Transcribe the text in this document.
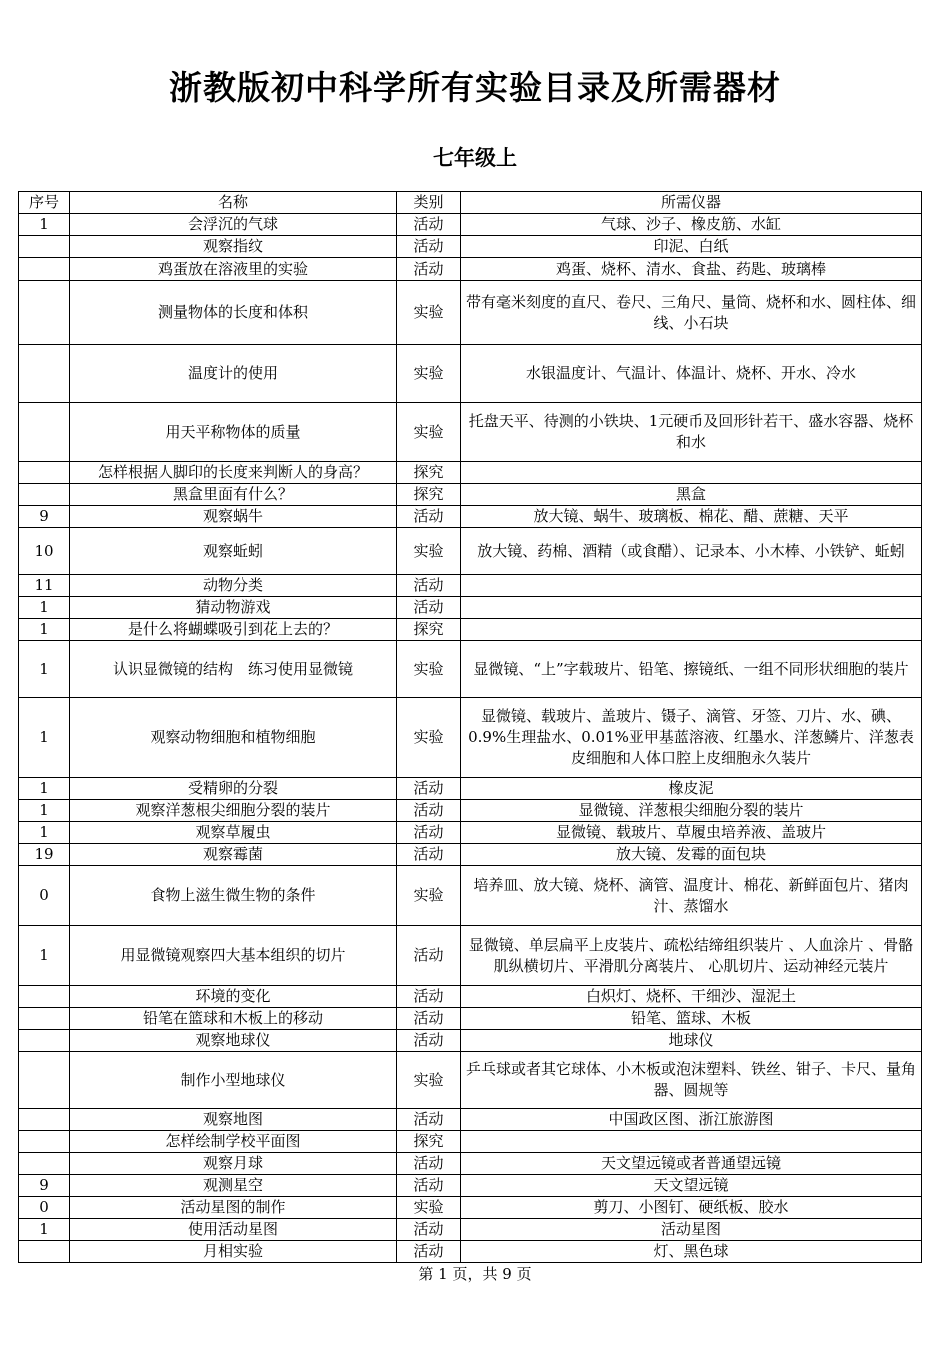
浙教版初中科学所有实验目录及所需器材
七年级上
序号	名称	类别	所需仪器
1	会浮沉的气球	活动	气球、沙子、橡皮筋、水缸
	观察指纹	活动	印泥、白纸
	鸡蛋放在溶液里的实验	活动	鸡蛋、烧杯、清水、食盐、药匙、玻璃棒
	测量物体的长度和体积	实验	带有毫米刻度的直尺、卷尺、三角尺、量筒、烧杯和水、圆柱体、细线、小石块
	温度计的使用	实验	水银温度计、气温计、体温计、烧杯、开水、冷水
	用天平称物体的质量	实验	托盘天平、待测的小铁块、1元硬币及回形针若干、盛水容器、烧杯和水
	怎样根据人脚印的长度来判断人的身高？	探究	
	黑盒里面有什么？	探究	黑盒
9	观察蜗牛	活动	放大镜、蜗牛、玻璃板、棉花、醋、蔗糖、天平
10	观察蚯蚓	实验	放大镜、药棉、酒精（或食醋）、记录本、小木棒、小铁铲、蚯蚓
11	动物分类	活动	
1	猜动物游戏	活动	
1	是什么将蝴蝶吸引到花上去的？	探究	
1	认识显微镜的结构　练习使用显微镜	实验	显微镜、“上”字载玻片、铅笔、擦镜纸、一组不同形状细胞的装片
1	观察动物细胞和植物细胞	实验	显微镜、载玻片、盖玻片、镊子、滴管、牙签、刀片、水、碘、0.9%生理盐水、0.01%亚甲基蓝溶液、红墨水、洋葱鳞片、洋葱表皮细胞和人体口腔上皮细胞永久装片
1	受精卵的分裂	活动	橡皮泥
1	观察洋葱根尖细胞分裂的装片	活动	显微镜、洋葱根尖细胞分裂的装片
1	观察草履虫	活动	显微镜、载玻片、草履虫培养液、盖玻片
19	观察霉菌	活动	放大镜、发霉的面包块
0	食物上滋生微生物的条件	实验	培养皿、放大镜、烧杯、滴管、温度计、棉花、新鲜面包片、猪肉汁、蒸馏水
1	用显微镜观察四大基本组织的切片	活动	显微镜、单层扁平上皮装片、疏松结缔组织装片 、人血涂片 、骨骼肌纵横切片、平滑肌分离装片、 心肌切片、运动神经元装片
	环境的变化	活动	白炽灯、烧杯、干细沙、湿泥土
	铅笔在篮球和木板上的移动	活动	铅笔、篮球、木板
	观察地球仪	活动	地球仪
	制作小型地球仪	实验	乒乓球或者其它球体、小木板或泡沫塑料、铁丝、钳子、卡尺、量角器、圆规等
	观察地图	活动	中国政区图、浙江旅游图
	怎样绘制学校平面图	探究	
	观察月球	活动	天文望远镜或者普通望远镜
9	观测星空	活动	天文望远镜
0	活动星图的制作	实验	剪刀、小图钉、硬纸板、胶水
1	使用活动星图	活动	活动星图
	月相实验	活动	灯、黑色球
第 1 页，共 9 页
